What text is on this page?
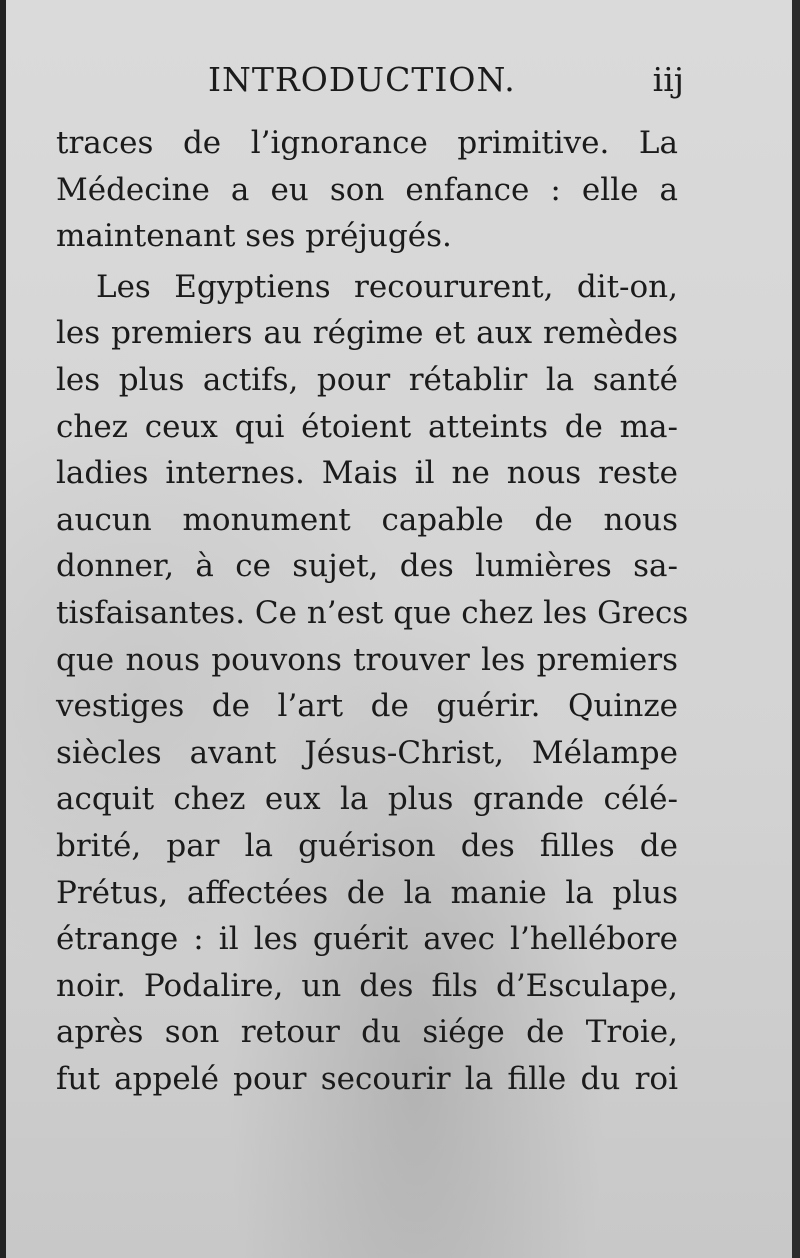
INTRODUCTION.	iij
traces de l’ignorance primitive. La
Médecine a eu son enfance : elle a
maintenant ses préjugés.
Les Egyptiens recoururent, dit-on,
les premiers au régime et aux remèdes
les plus actifs, pour rétablir la santé
chez ceux qui étoient atteints de ma-
ladies internes. Mais il ne nous reste
aucun monument capable de nous
donner, à ce sujet, des lumières sa-
tisfaisantes. Ce n’est que chez les Grecs
que nous pouvons trouver les premiers
vestiges de l’art de guérir. Quinze
siècles avant Jésus-Christ, Mélampe
acquit chez eux la plus grande célé-
brité, par la guérison des filles de
Prétus, affectées de la manie la plus
étrange : il les guérit avec l’hellébore
noir. Podalire, un des fils d’Esculape,
après son retour du siége de Troie,
fut appelé pour secourir la fille du roi
